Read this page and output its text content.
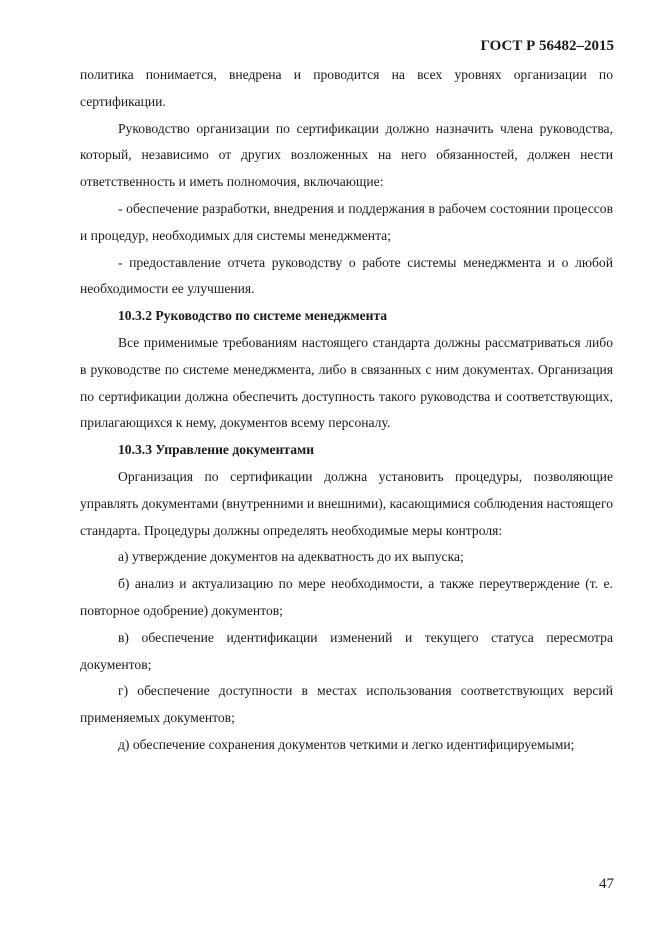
ГОСТ Р 56482–2015

политика понимается, внедрена и проводится на всех уровнях организации по сертификации.

Руководство организации по сертификации должно назначить члена руководства, который, независимо от других возложенных на него обязанностей, должен нести ответственность и иметь полномочия, включающие:

- обеспечение разработки, внедрения и поддержания в рабочем состоянии процессов и процедур, необходимых для системы менеджмента;

- предоставление отчета руководству о работе системы менеджмента и о любой необходимости ее улучшения.

10.3.2 Руководство по системе менеджмента

Все применимые требованиям настоящего стандарта должны рассматриваться либо в руководстве по системе менеджмента, либо в связанных с ним документах. Организация по сертификации должна обеспечить доступность такого руководства и соответствующих, прилагающихся к нему, документов всему персоналу.

10.3.3 Управление документами

Организация по сертификации должна установить процедуры, позволяющие управлять документами (внутренними и внешними), касающимися соблюдения настоящего стандарта. Процедуры должны определять необходимые меры контроля:

а) утверждение документов на адекватность до их выпуска;

б) анализ и актуализацию по мере необходимости, а также переутверждение (т. е. повторное одобрение) документов;

в) обеспечение идентификации изменений и текущего статуса пересмотра документов;

г) обеспечение доступности в местах использования соответствующих версий применяемых документов;

д) обеспечение сохранения документов четкими и легко идентифицируемыми;

47
